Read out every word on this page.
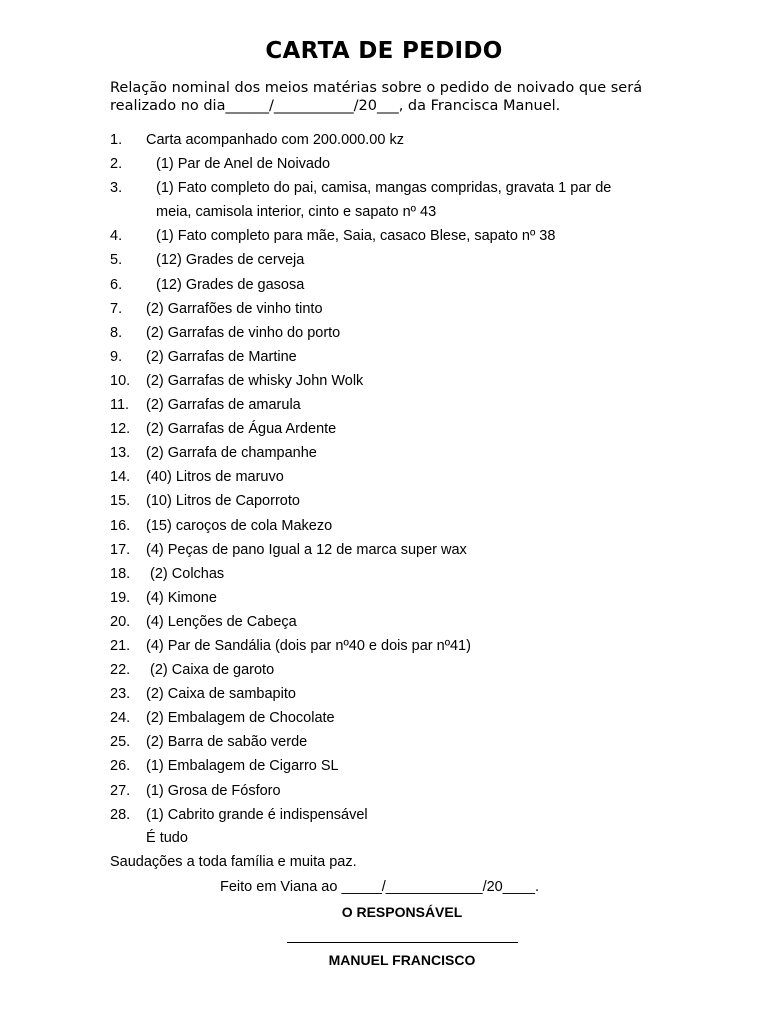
CARTA DE PEDIDO
Relação nominal dos meios matérias sobre o pedido de noivado que será
realizado no dia______/___________/20___, da Francisca Manuel.
1.	Carta acompanhado com 200.000.00 kz
2.	(1) Par de Anel de Noivado
3.	(1) Fato completo do pai, camisa, mangas compridas, gravata 1 par de
meia, camisola interior, cinto e sapato nº 43
4.	(1) Fato completo para mãe, Saia, casaco Blese, sapato nº 38
5.	(12) Grades de cerveja
6.	(12) Grades de gasosa
7.	(2) Garrafões de vinho tinto
8.	(2) Garrafas de vinho do porto
9.	(2) Garrafas de Martine
10.	(2) Garrafas de whisky John Wolk
11.	(2) Garrafas de amarula
12.	(2) Garrafas de Água Ardente
13.	(2) Garrafa de champanhe
14.	(40) Litros de maruvo
15.	(10) Litros de Caporroto
16.	(15) caroços de cola Makezo
17.	(4) Peças de pano Igual a 12 de marca super wax
18.	(2) Colchas
19.	(4) Kimone
20.	(4) Lenções de Cabeça
21.	(4) Par de Sandália (dois par nº40 e dois par nº41)
22.	(2) Caixa de garoto
23.	(2) Caixa de sambapito
24.	(2) Embalagem de Chocolate
25.	(2) Barra de sabão verde
26.	(1) Embalagem de Cigarro SL
27.	(1) Grosa de Fósforo
28.	(1) Cabrito grande é indispensável
É tudo
Saudações a toda família e muita paz.
Feito em Viana ao _____/____________/20____.
O RESPONSÁVEL
MANUEL FRANCISCO
